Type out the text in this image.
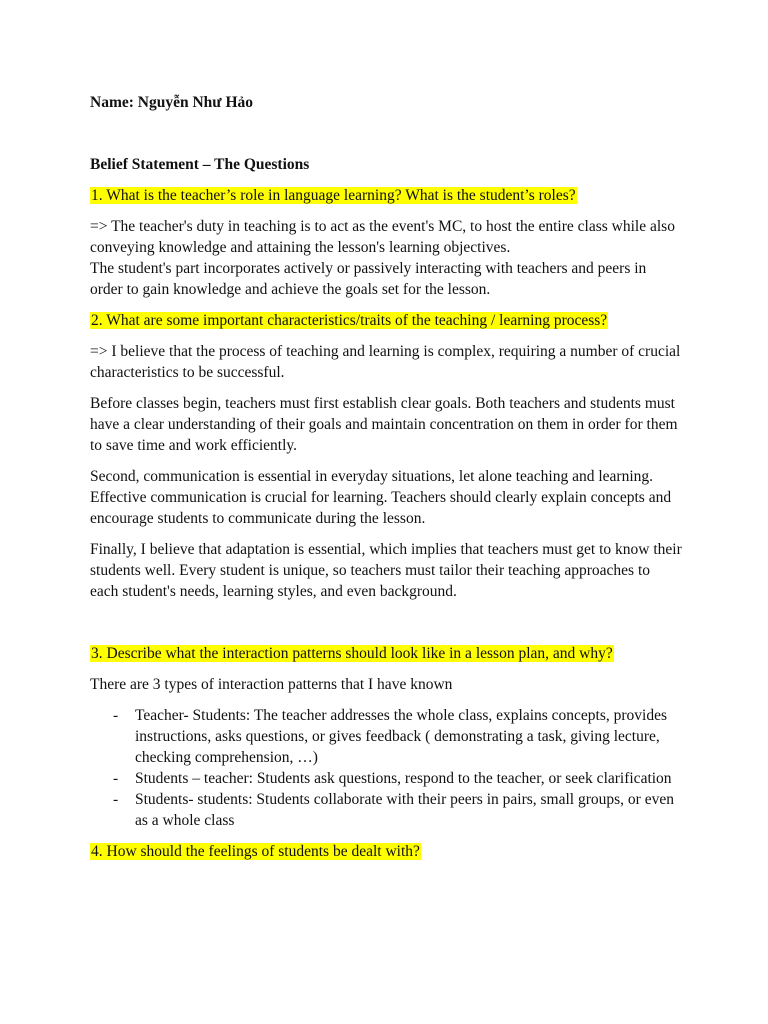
Name: Nguyễn Như Hảo

Belief Statement – The Questions

1. What is the teacher’s role in language learning? What is the student’s roles?

=> The teacher's duty in teaching is to act as the event's MC, to host the entire class while also conveying knowledge and attaining the lesson's learning objectives.

The student's part incorporates actively or passively interacting with teachers and peers in order to gain knowledge and achieve the goals set for the lesson.

2. What are some important characteristics/traits of the teaching / learning process?

=> I believe that the process of teaching and learning is complex, requiring a number of crucial characteristics to be successful.

Before classes begin, teachers must first establish clear goals. Both teachers and students must have a clear understanding of their goals and maintain concentration on them in order for them to save time and work efficiently.

Second, communication is essential in everyday situations, let alone teaching and learning.

Effective communication is crucial for learning. Teachers should clearly explain concepts and encourage students to communicate during the lesson.

Finally, I believe that adaptation is essential, which implies that teachers must get to know their students well. Every student is unique, so teachers must tailor their teaching approaches to each student's needs, learning styles, and even background.

3. Describe what the interaction patterns should look like in a lesson plan, and why?

There are 3 types of interaction patterns that I have known

- Teacher- Students: The teacher addresses the whole class, explains concepts, provides instructions, asks questions, or gives feedback ( demonstrating a task, giving lecture, checking comprehension, …)
- Students – teacher: Students ask questions, respond to the teacher, or seek clarification
- Students- students: Students collaborate with their peers in pairs, small groups, or even as a whole class

4. How should the feelings of students be dealt with?
